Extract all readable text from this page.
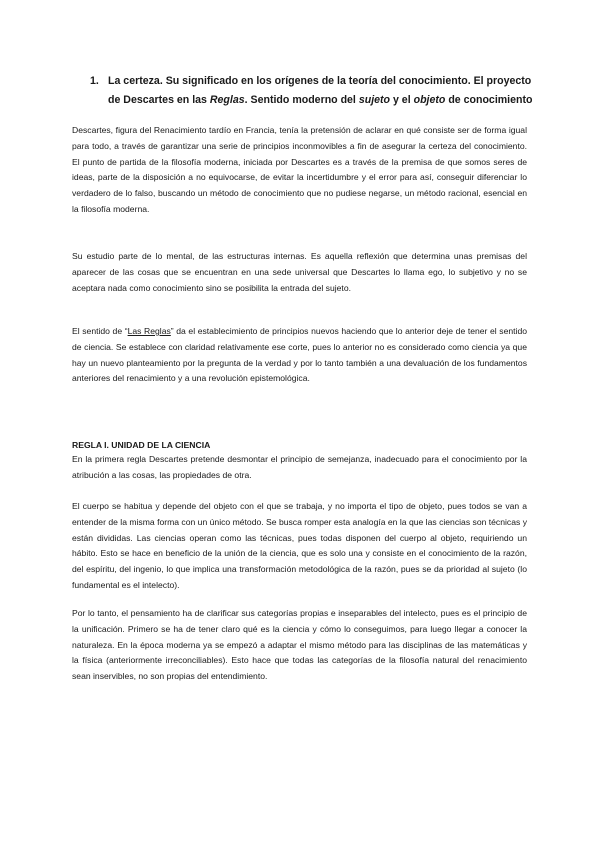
1. La certeza. Su significado en los orígenes de la teoría del conocimiento. El proyecto de Descartes en las Reglas. Sentido moderno del sujeto y el objeto de conocimiento

Descartes, figura del Renacimiento tardío en Francia, tenía la pretensión de aclarar en qué consiste ser de forma igual para todo, a través de garantizar una serie de principios inconmovibles a fin de asegurar la certeza del conocimiento. El punto de partida de la filosofía moderna, iniciada por Descartes es a través de la premisa de que somos seres de ideas, parte de la disposición a no equivocarse, de evitar la incertidumbre y el error para así, conseguir diferenciar lo verdadero de lo falso, buscando un método de conocimiento que no pudiese negarse, un método racional, esencial en la filosofía moderna.

Su estudio parte de lo mental, de las estructuras internas. Es aquella reflexión que determina unas premisas del aparecer de las cosas que se encuentran en una sede universal que Descartes lo llama ego, lo subjetivo y no se aceptara nada como conocimiento sino se posibilita la entrada del sujeto.

El sentido de “Las Reglas” da el establecimiento de principios nuevos haciendo que lo anterior deje de tener el sentido de ciencia. Se establece con claridad relativamente ese corte, pues lo anterior no es considerado como ciencia ya que hay un nuevo planteamiento por la pregunta de la verdad y por lo tanto también a una devaluación de los fundamentos anteriores del renacimiento y a una revolución epistemológica.

REGLA I. UNIDAD DE LA CIENCIA

En la primera regla Descartes pretende desmontar el principio de semejanza, inadecuado para el conocimiento por la atribución a las cosas, las propiedades de otra.

El cuerpo se habitua y depende del objeto con el que se trabaja, y no importa el tipo de objeto, pues todos se van a entender de la misma forma con un único método. Se busca romper esta analogía en la que las ciencias son técnicas y están divididas. Las ciencias operan como las técnicas, pues todas disponen del cuerpo al objeto, requiriendo un hábito. Esto se hace en beneficio de la unión de la ciencia, que es solo una y consiste en el conocimiento de la razón, del espíritu, del ingenio, lo que implica una transformación metodológica de la razón, pues se da prioridad al sujeto (lo fundamental es el intelecto).

Por lo tanto, el pensamiento ha de clarificar sus categorías propias e inseparables del intelecto, pues es el principio de la unificación. Primero se ha de tener claro qué es la ciencia y cómo lo conseguimos, para luego llegar a conocer la naturaleza. En la época moderna ya se empezó a adaptar el mismo método para las disciplinas de las matemáticas y la física (anteriormente irreconciliables). Esto hace que todas las categorías de la filosofía natural del renacimiento sean inservibles, no son propias del entendimiento.
